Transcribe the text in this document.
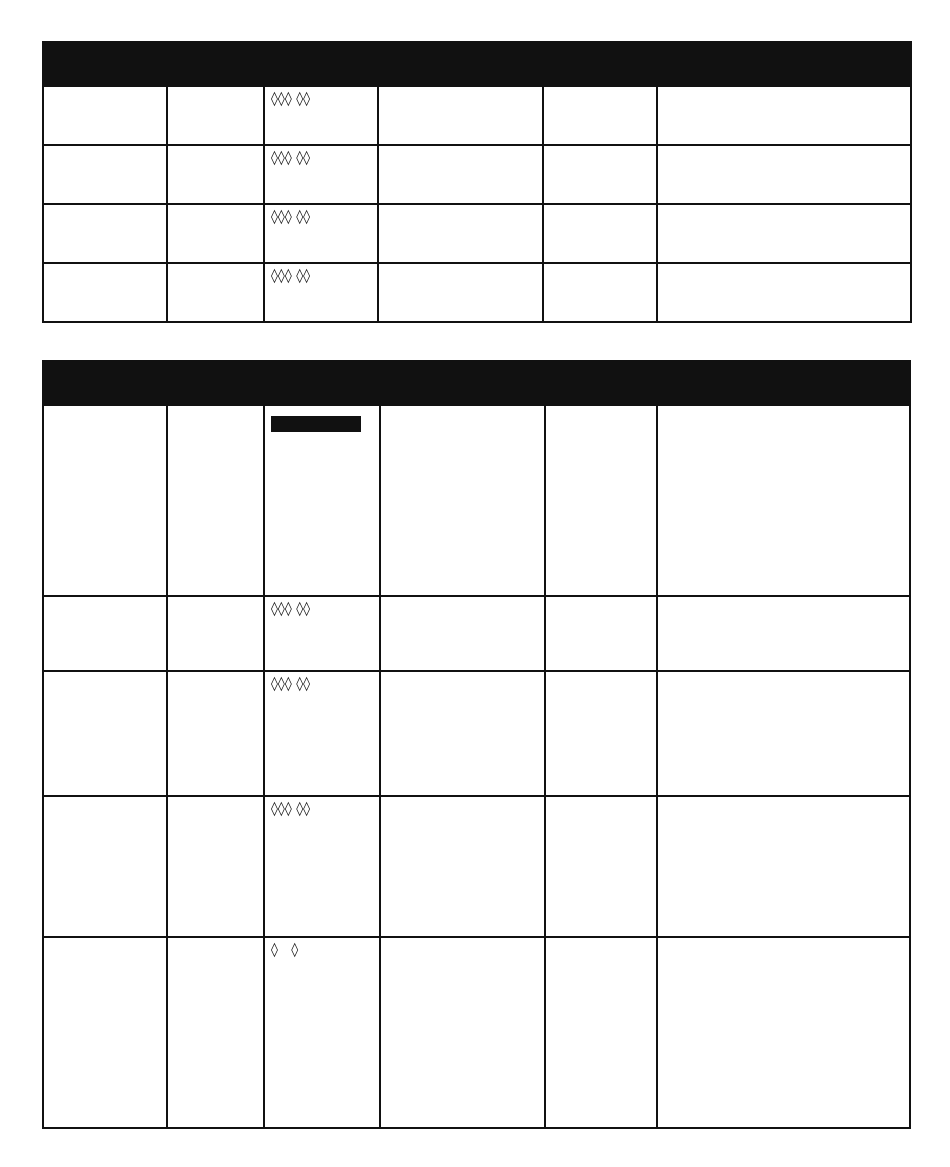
		◊◊◊ ◊◊			

		◊◊◊ ◊◊			

		◊◊◊ ◊◊			

		◊◊◊ ◊◊			

		◊◊◊ ◊◊			

		◊◊◊ ◊◊			

		◊◊◊ ◊◊			

		◊   ◊			
